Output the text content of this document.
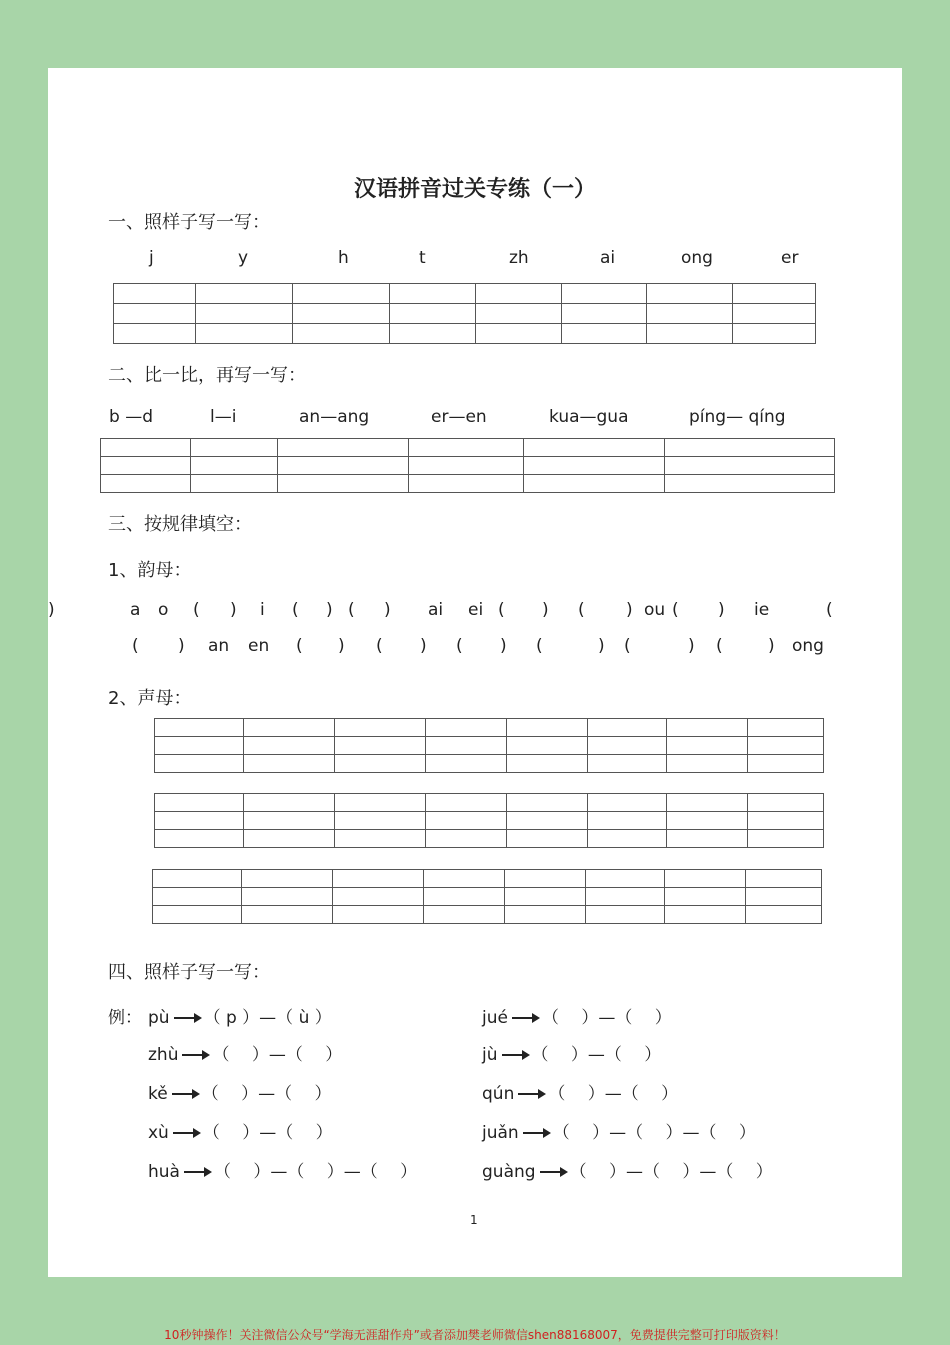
汉语拼音过关专练（一）
一、照样子写一写：
j	y	h	t	zh	ai	ong	er

二、比一比，再写一写：
b —d	l—i	an—ang	er—en	kua—gua	píng— qíng

三、按规律填空：
1、韵母：
2、声母：

四、照样子写一写：
例：
1
a o ( ) i ( ) ( ) ai ei ( ) ( ) ou ( ) ie	(
)
( ) an en ( ) ( ) ( ) (	) (	) (	) ong
pù （ p ）—（ ù ）
zhù （　 ）—（　 ）
kě （　 ）—（　 ）
xù （　 ）—（　 ）
huà （　 ）—（　 ）—（　 ）
jué （　 ）—（　 ）
jù （　 ）—（　 ）
qún （　 ）—（　 ）
juǎn （　 ）—（　 ）—（　 ）
guàng （　 ）—（　 ）—（　 ）
10秒钟操作！关注微信公众号“学海无涯甜作舟”或者添加樊老师微信shen88168007，免费提供完整可打印版资料！
